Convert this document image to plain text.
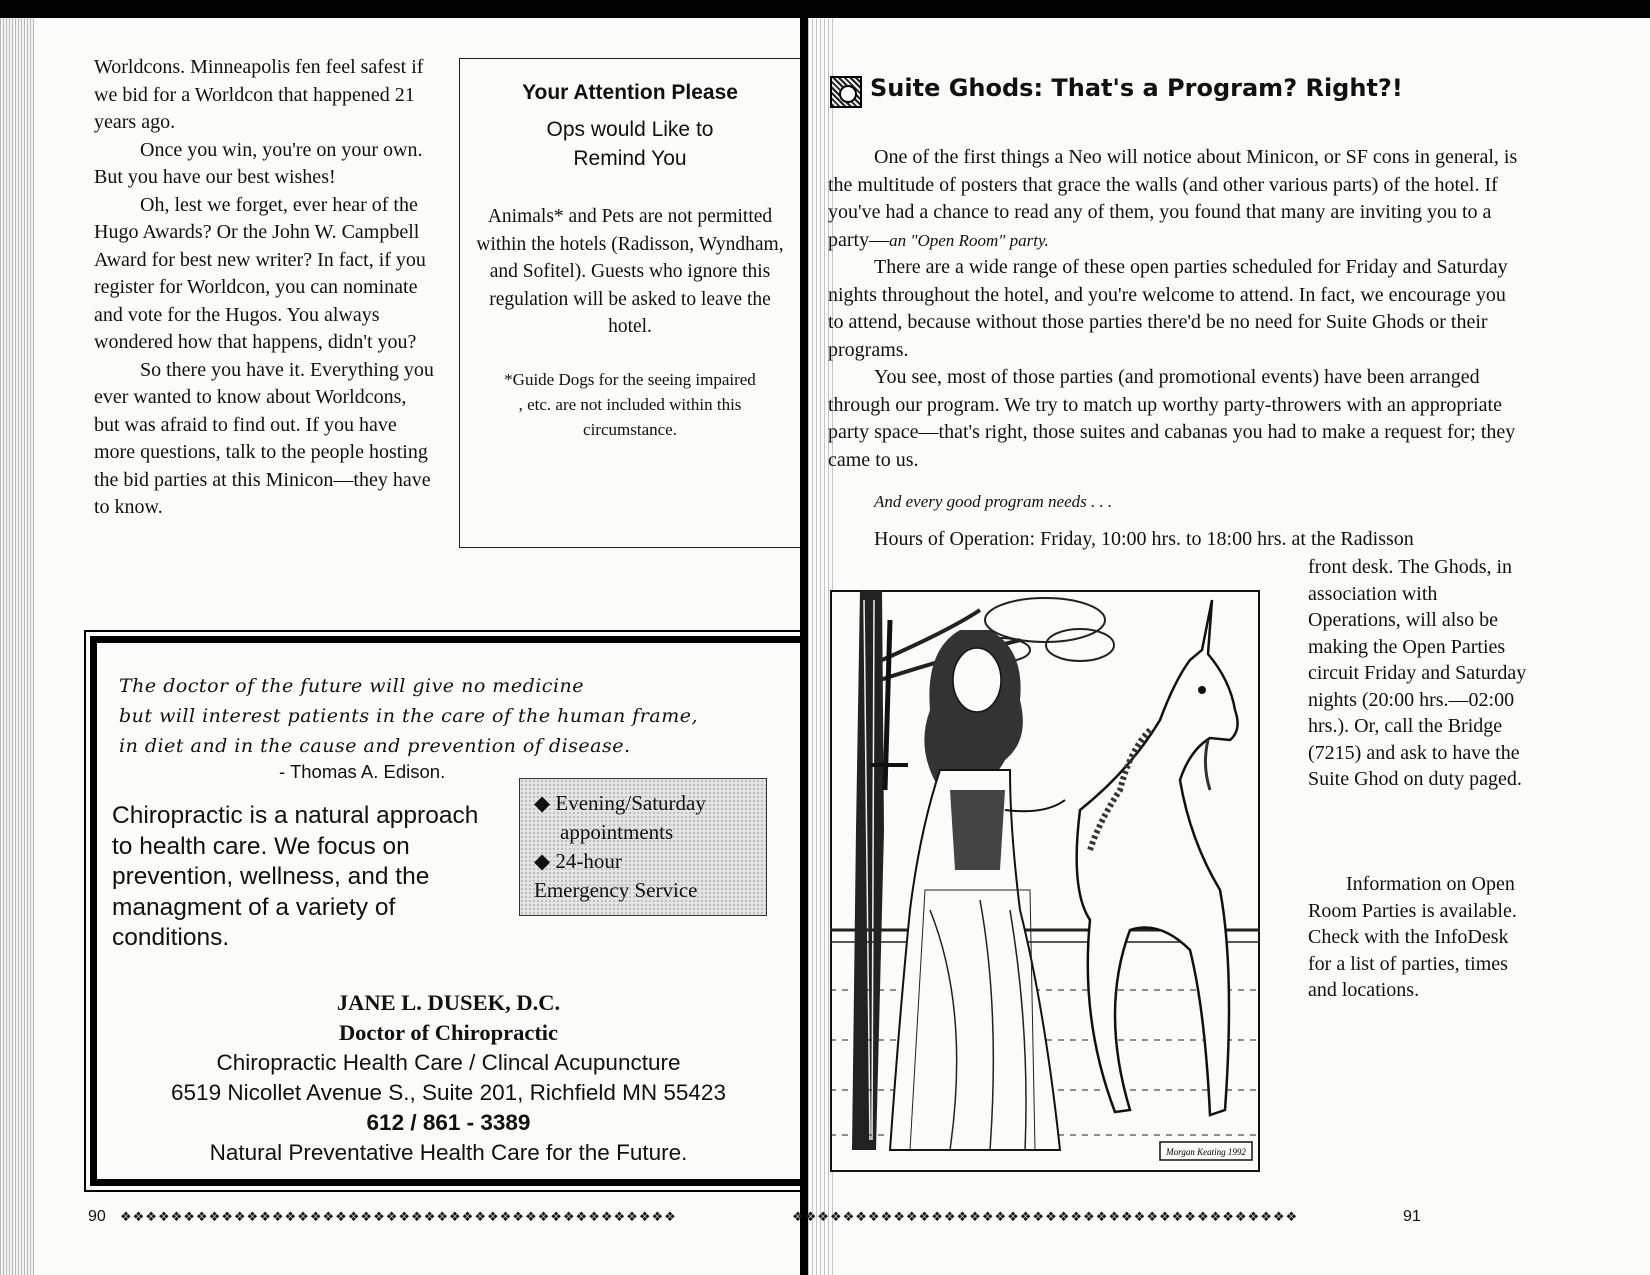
Worldcons. Minneapolis fen feel safest if we bid for a Worldcon that happened 21 years ago.

Once you win, you're on your own. But you have our best wishes!

Oh, lest we forget, ever hear of the Hugo Awards? Or the John W. Campbell Award for best new writer? In fact, if you register for Worldcon, you can nominate and vote for the Hugos. You always wondered how that happens, didn't you?

So there you have it. Everything you ever wanted to know about Worldcons, but was afraid to find out. If you have more questions, talk to the people hosting the bid parties at this Minicon—they have to know.

Your Attention Please
Ops would Like to
Remind You
Animals* and Pets are not permitted within the hotels (Radisson, Wyndham, and Sofitel). Guests who ignore this regulation will be asked to leave the hotel.
*Guide Dogs for the seeing impaired , etc. are not included within this circumstance.
The doctor of the future will give no medicine
but will interest patients in the care of the human frame,
in diet and in the cause and prevention of disease.
- Thomas A. Edison.
◆ Evening/Saturday
appointments
◆ 24-hour
Emergency Service
Chiropractic is a natural approach to health care. We focus on prevention, wellness, and the managment of a variety of conditions.
JANE L. DUSEK, D.C.
Doctor of Chiropractic
Chiropractic Health Care / Clincal Acupuncture
6519 Nicollet Avenue S., Suite 201, Richfield MN 55423
612 / 861 - 3389
Natural Preventative Health Care for the Future.
90 ❖❖❖❖❖❖❖❖❖❖❖❖❖❖❖❖❖❖❖❖❖❖❖❖❖❖❖❖❖❖❖❖❖❖❖❖❖❖❖❖❖❖❖❖
Suite Ghods: That's a Program? Right?!

One of the first things a Neo will notice about Minicon, or SF cons in general, is the multitude of posters that grace the walls (and other various parts) of the hotel. If you've had a chance to read any of them, you found that many are inviting you to a party—an "Open Room" party.

There are a wide range of these open parties scheduled for Friday and Saturday nights throughout the hotel, and you're welcome to attend. In fact, we encourage you to attend, because without those parties there'd be no need for Suite Ghods or their programs.

You see, most of those parties (and promotional events) have been arranged through our program. We try to match up worthy party-throwers with an appropriate party space—that's right, those suites and cabanas you had to make a request for; they came to us.

And every good program needs . . .

Hours of Operation: Friday, 10:00 hrs. to 18:00 hrs. at the Radisson

front desk. The Ghods, in association with Operations, will also be making the Open Parties circuit Friday and Saturday nights (20:00 hrs.—02:00 hrs.). Or, call the Bridge (7215) and ask to have the Suite Ghod on duty paged.
Information on Open Room Parties is available. Check with the InfoDesk for a list of parties, times and locations.
Morgan Keating 1992
❖❖❖❖❖❖❖❖❖❖❖❖❖❖❖❖❖❖❖❖❖❖❖❖❖❖❖❖❖❖❖❖❖❖❖❖❖❖❖❖	91
